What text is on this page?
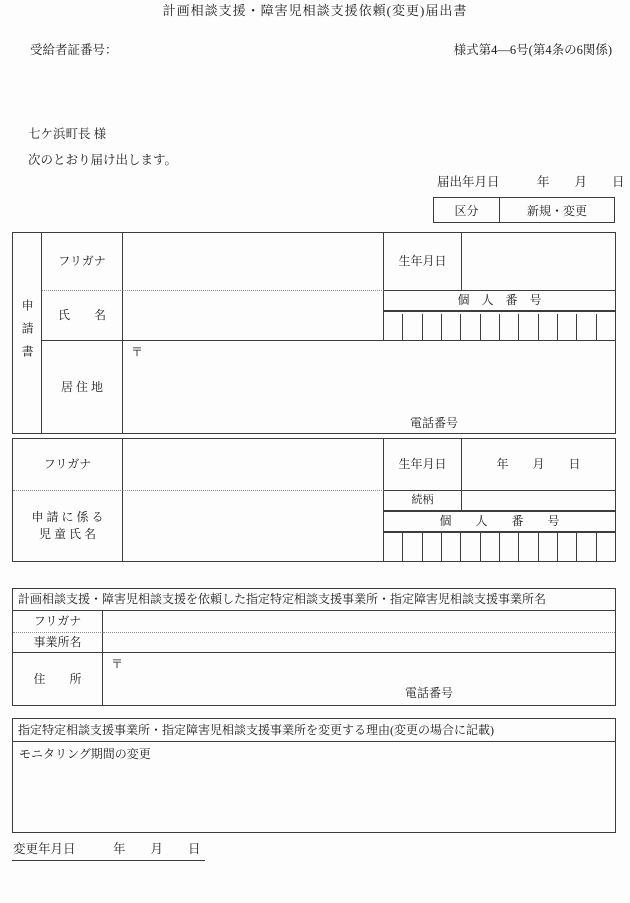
受給者証番号：	様式第4—6号(第4条の6関係)
計画相談支援・障害児相談支援依頼(変更)届出書
七ケ浜町長 様
次のとおり届け出します。
届出年月日　　　年　　月　　日
区分	新規・変更
申請書
フリガナ	生年月日
氏　　名
個　人　番　号
居 住 地
〒
電話番号
フリガナ	生年月日	年　　月　　日
申 請 に 係 る
児 童 氏 名
続柄
個　　人　　番　　号
計画相談支援・障害児相談支援を依頼した指定特定相談支援事業所・指定障害児相談支援事業所名
フリガナ
事業所名
住　　所
〒
電話番号
指定特定相談支援事業所・指定障害児相談支援事業所を変更する理由(変更の場合に記載)
モニタリング期間の変更
変更年月日　　　年　　月　　日
